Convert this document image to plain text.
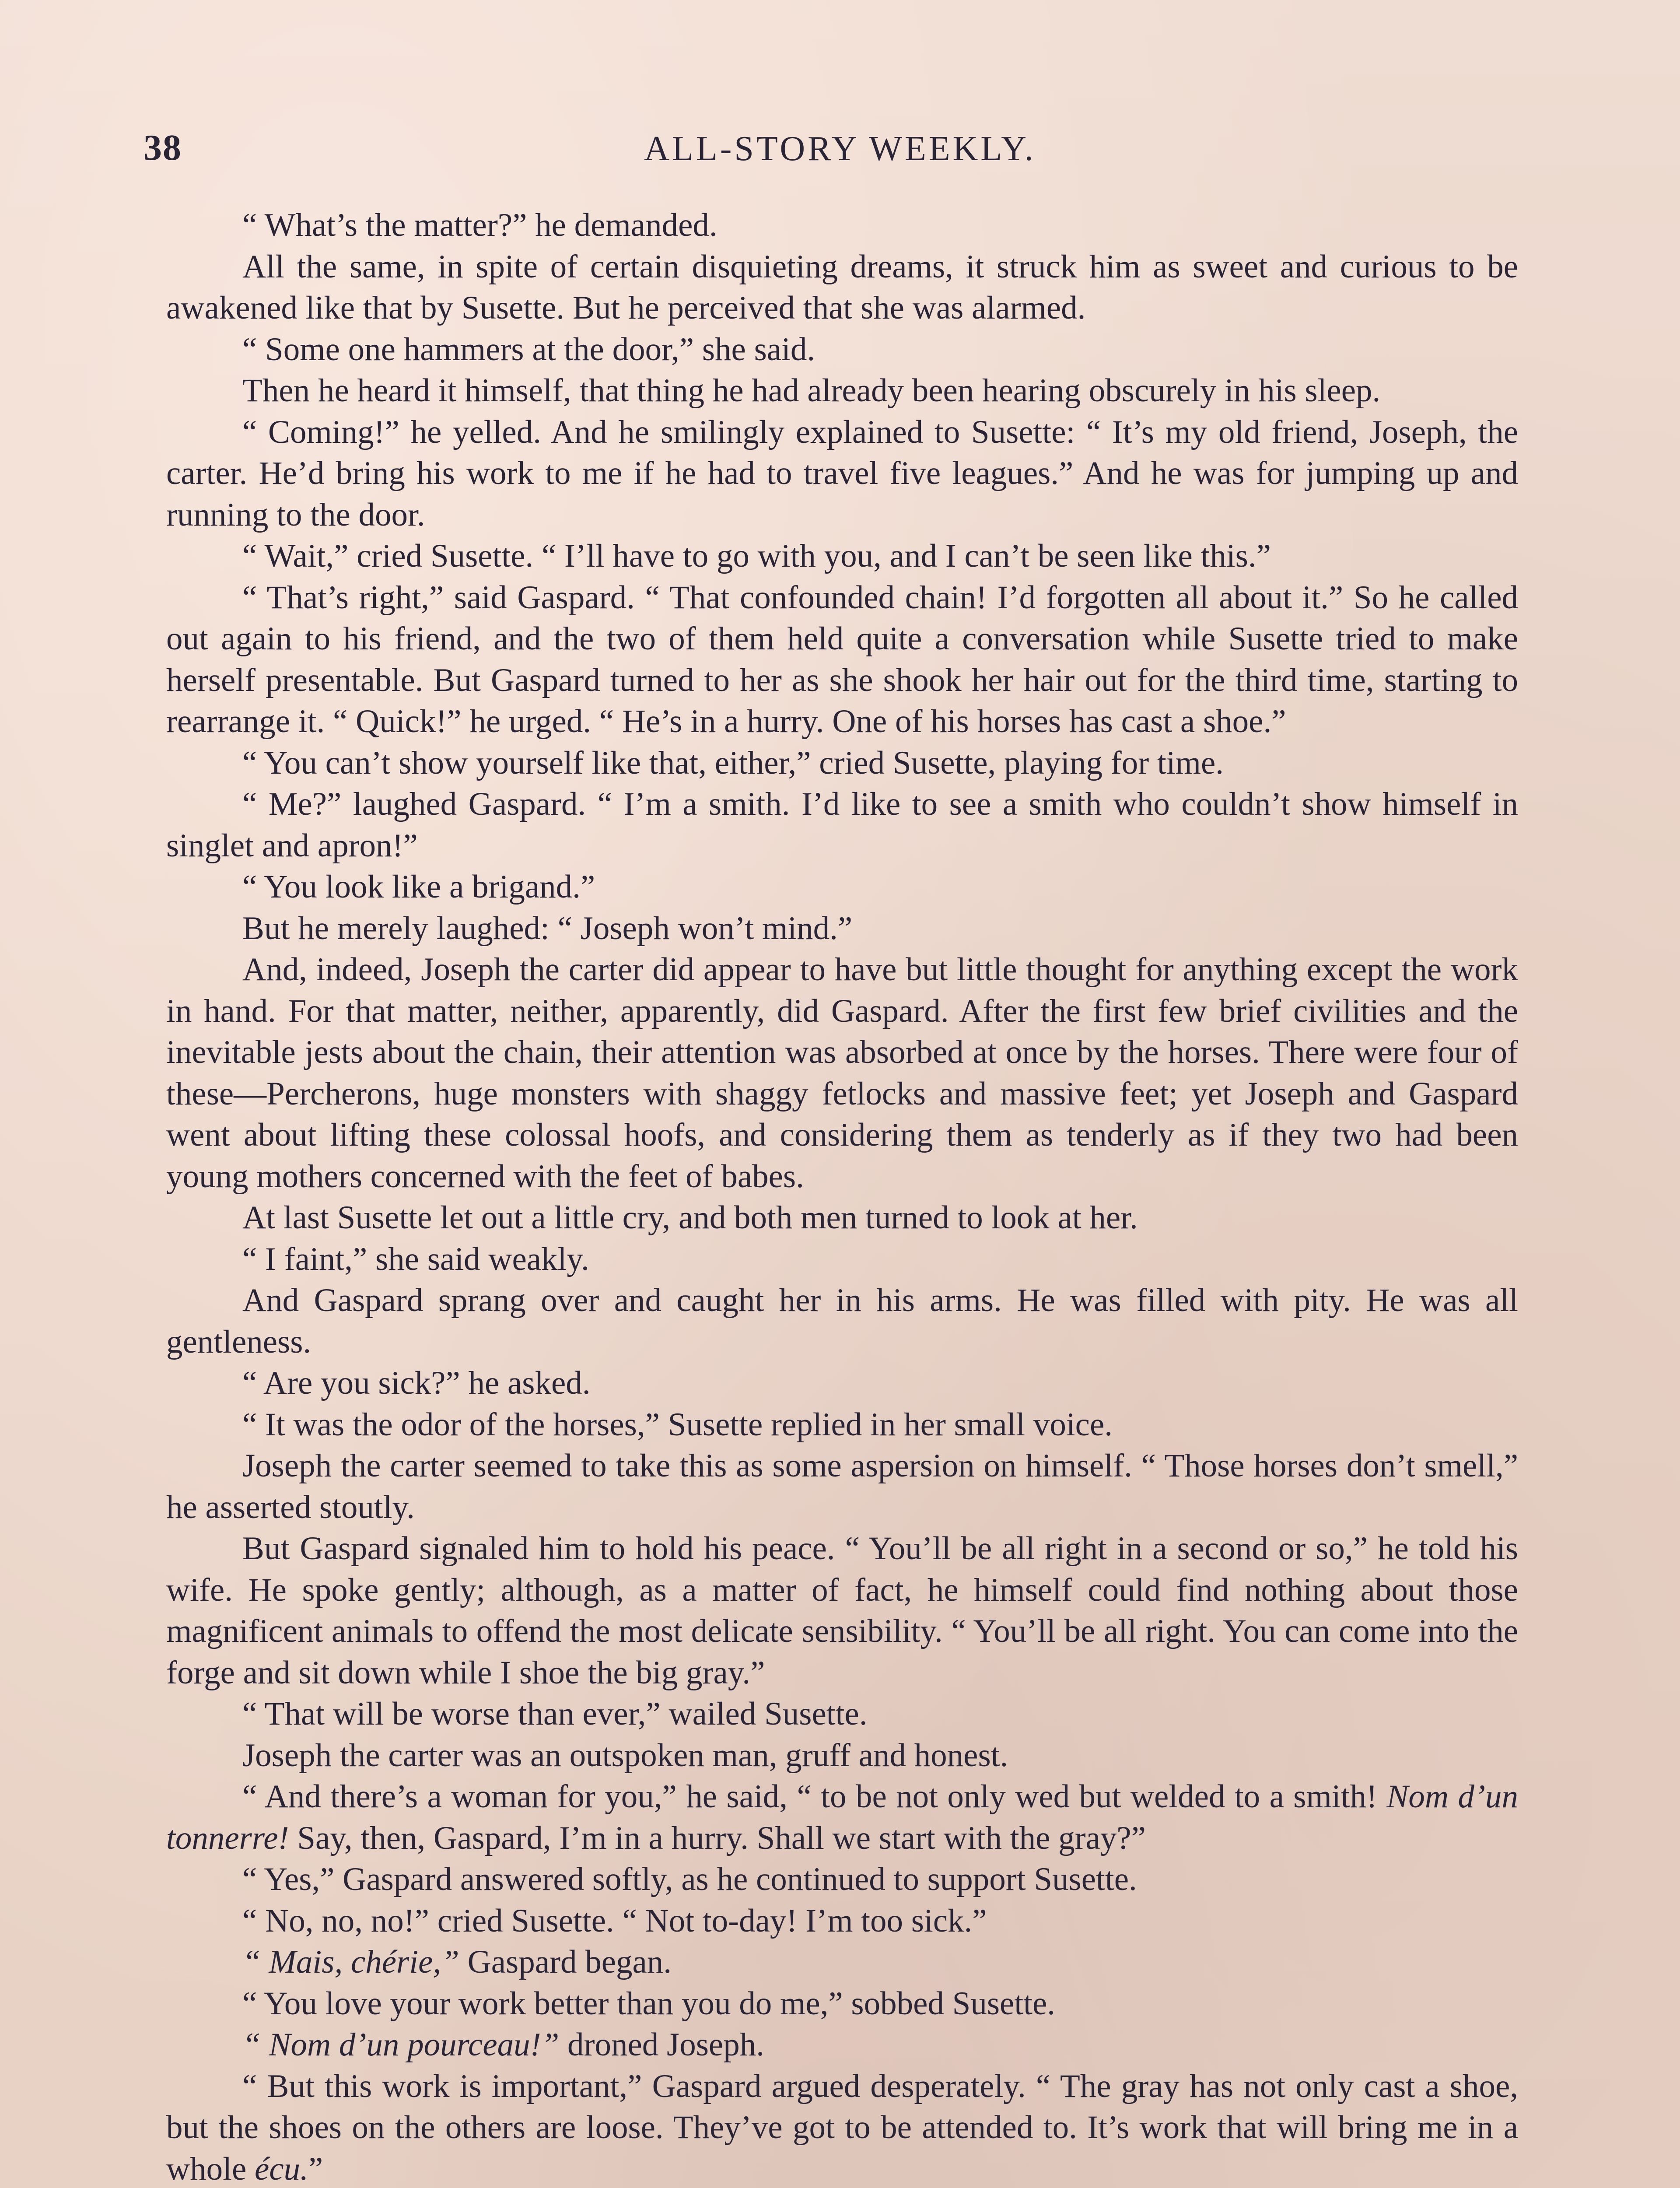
38	ALL-STORY WEEKLY.

“ What’s the matter?” he demanded.

All the same, in spite of certain disquieting dreams, it struck him as sweet and curious to be awakened like that by Susette. But he perceived that she was alarmed.

“ Some one hammers at the door,” she said.

Then he heard it himself, that thing he had already been hearing obscurely in his sleep.

“ Coming!” he yelled. And he smilingly explained to Susette: “ It’s my old friend, Joseph, the carter. He’d bring his work to me if he had to travel five leagues.” And he was for jumping up and running to the door.

“ Wait,” cried Susette. “ I’ll have to go with you, and I can’t be seen like this.”

“ That’s right,” said Gaspard. “ That confounded chain! I’d forgotten all about it.” So he called out again to his friend, and the two of them held quite a conversation while Susette tried to make herself presentable. But Gaspard turned to her as she shook her hair out for the third time, starting to rearrange it. “ Quick!” he urged. “ He’s in a hurry. One of his horses has cast a shoe.”

“ You can’t show yourself like that, either,” cried Susette, playing for time.

“ Me?” laughed Gaspard. “ I’m a smith. I’d like to see a smith who couldn’t show himself in singlet and apron!”

“ You look like a brigand.”

But he merely laughed: “ Joseph won’t mind.”

And, indeed, Joseph the carter did appear to have but little thought for anything except the work in hand. For that matter, neither, apparently, did Gaspard. After the first few brief civilities and the inevitable jests about the chain, their attention was absorbed at once by the horses. There were four of these—Percherons, huge monsters with shaggy fetlocks and massive feet; yet Joseph and Gaspard went about lifting these colossal hoofs, and considering them as tenderly as if they two had been young mothers concerned with the feet of babes.

At last Susette let out a little cry, and both men turned to look at her.

“ I faint,” she said weakly.

And Gaspard sprang over and caught her in his arms. He was filled with pity. He was all gentleness.

“ Are you sick?” he asked.

“ It was the odor of the horses,” Susette replied in her small voice.

Joseph the carter seemed to take this as some aspersion on himself. “ Those horses don’t smell,” he asserted stoutly.

But Gaspard signaled him to hold his peace. “ You’ll be all right in a second or so,” he told his wife. He spoke gently; although, as a matter of fact, he himself could find nothing about those magnificent animals to offend the most delicate sensibility. “ You’ll be all right. You can come into the forge and sit down while I shoe the big gray.”

“ That will be worse than ever,” wailed Susette.

Joseph the carter was an outspoken man, gruff and honest.

“ And there’s a woman for you,” he said, “ to be not only wed but welded to a smith! Nom d’un tonnerre! Say, then, Gaspard, I’m in a hurry. Shall we start with the gray?”

“ Yes,” Gaspard answered softly, as he continued to support Susette.

“ No, no, no!” cried Susette. “ Not to-day! I’m too sick.”

“ Mais, chérie,” Gaspard began.

“ You love your work better than you do me,” sobbed Susette.

“ Nom d’un pourceau!” droned Joseph.

“ But this work is important,” Gaspard argued desperately. “ The gray has not only cast a shoe, but the shoes on the others are loose. They’ve got to be attended to. It’s work that will bring me in a whole écu.”
